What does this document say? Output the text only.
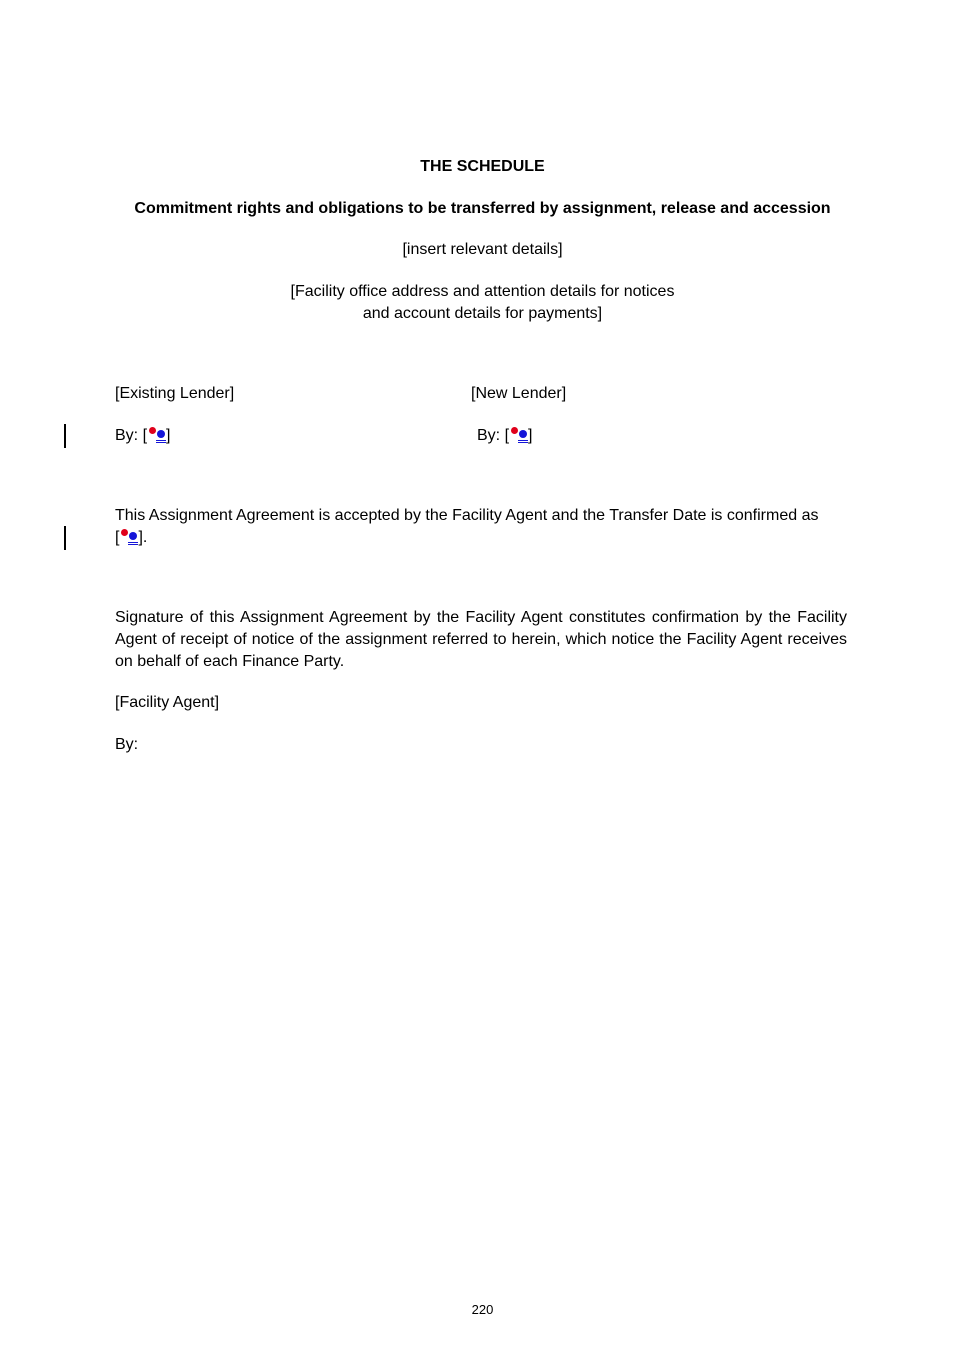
THE SCHEDULE
Commitment rights and obligations to be transferred by assignment, release and accession
[insert relevant details]
[Facility office address and attention details for notices
and account details for payments]
[Existing Lender]	[New Lender]
By: [ ]	By: [ ]
This Assignment Agreement is accepted by the Facility Agent and the Transfer Date is confirmed as
[ ].
Signature of this Assignment Agreement by the Facility Agent constitutes confirmation by the Facility Agent of receipt of notice of the assignment referred to herein, which notice the Facility Agent receives on behalf of each Finance Party.
[Facility Agent]
By:
220
